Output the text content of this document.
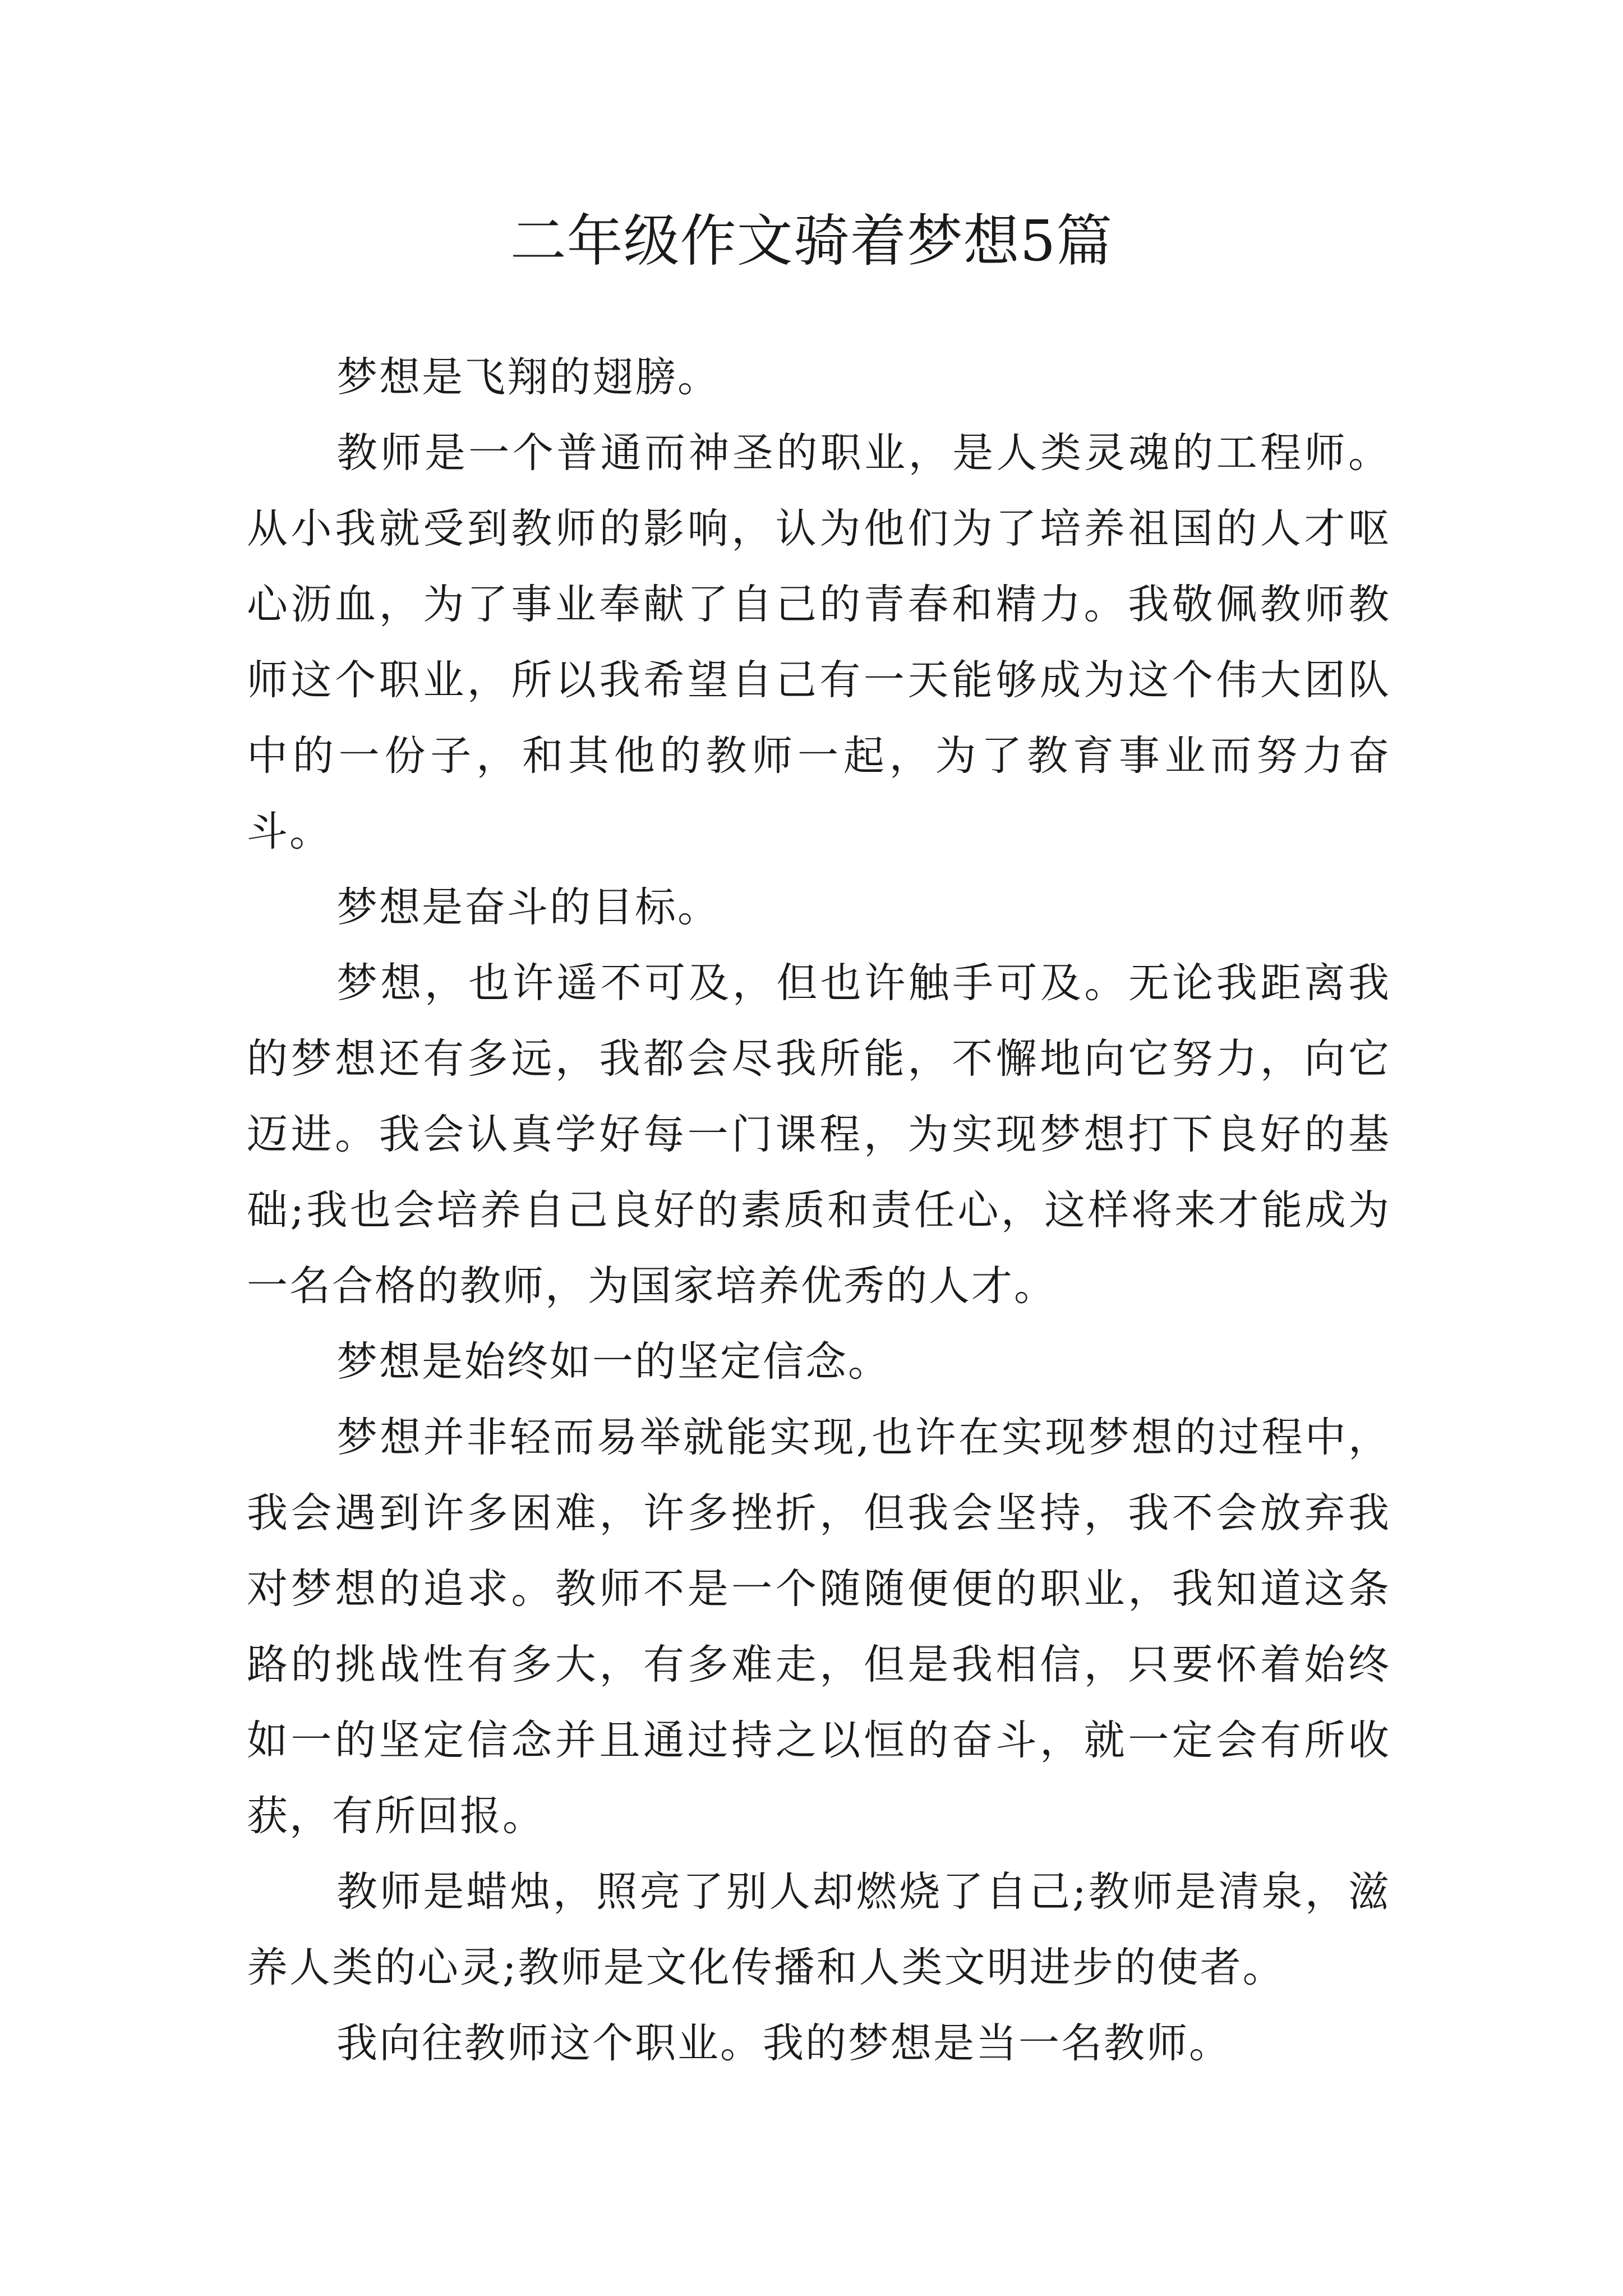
二年级作文骑着梦想5篇

梦想是飞翔的翅膀。

教师是一个普通而神圣的职业，是人类灵魂的工程师。从小我就受到教师的影响，认为他们为了培养祖国的人才呕心沥血，为了事业奉献了自己的青春和精力。我敬佩教师教师这个职业，所以我希望自己有一天能够成为这个伟大团队中的一份子，和其他的教师一起，为了教育事业而努力奋斗。

梦想是奋斗的目标。

梦想，也许遥不可及，但也许触手可及。无论我距离我的梦想还有多远，我都会尽我所能，不懈地向它努力，向它迈进。我会认真学好每一门课程，为实现梦想打下良好的基础;我也会培养自己良好的素质和责任心，这样将来才能成为一名合格的教师，为国家培养优秀的人才。

梦想是始终如一的坚定信念。

梦想并非轻而易举就能实现,也许在实现梦想的过程中，我会遇到许多困难，许多挫折，但我会坚持，我不会放弃我对梦想的追求。教师不是一个随随便便的职业，我知道这条路的挑战性有多大，有多难走，但是我相信，只要怀着始终如一的坚定信念并且通过持之以恒的奋斗，就一定会有所收获，有所回报。

教师是蜡烛，照亮了别人却燃烧了自己;教师是清泉，滋养人类的心灵;教师是文化传播和人类文明进步的使者。

我向往教师这个职业。我的梦想是当一名教师。
